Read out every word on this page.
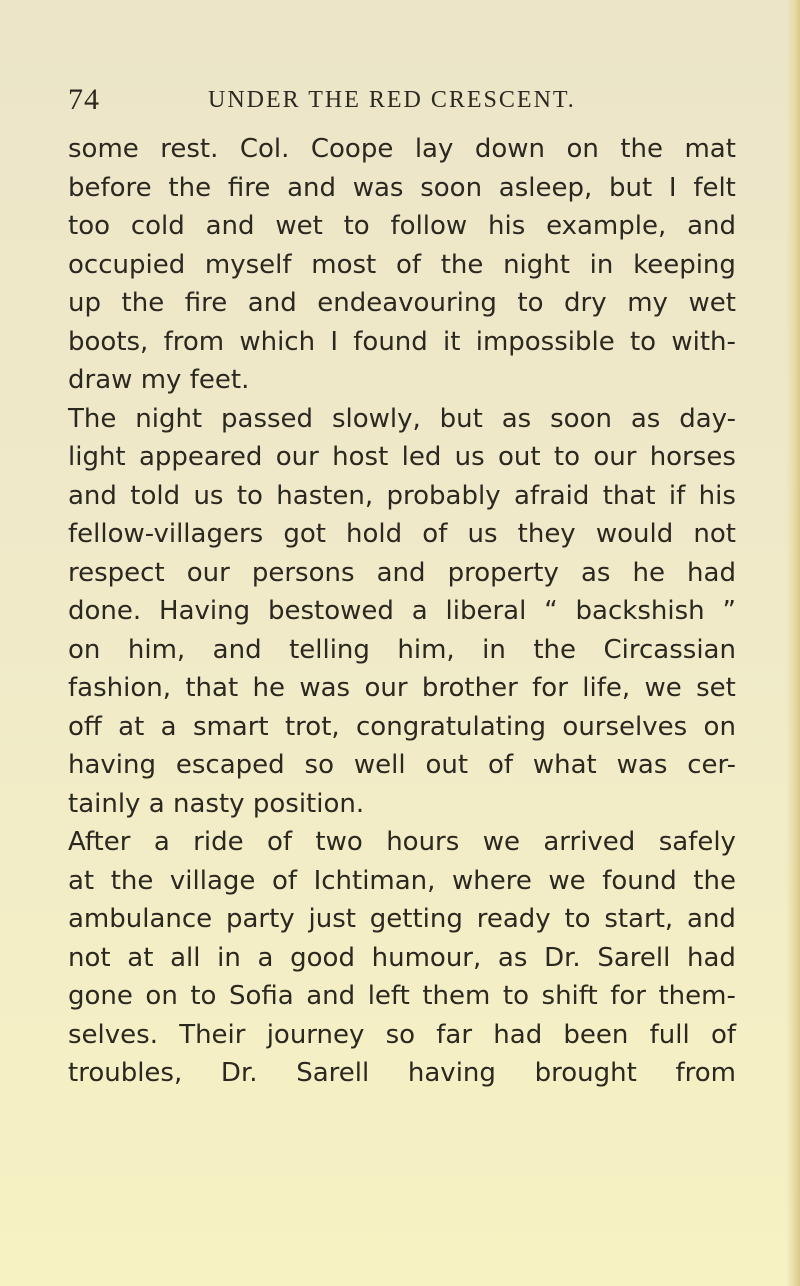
74	UNDER THE RED CRESCENT.
some rest. Col. Coope lay down on the mat
before the fire and was soon asleep, but I felt
too cold and wet to follow his example, and
occupied myself most of the night in keeping
up the fire and endeavouring to dry my wet
boots, from which I found it impossible to with-
draw my feet.
The night passed slowly, but as soon as day-
light appeared our host led us out to our horses
and told us to hasten, probably afraid that if his
fellow-villagers got hold of us they would not
respect our persons and property as he had
done. Having bestowed a liberal “ backshish ”
on him, and telling him, in the Circassian
fashion, that he was our brother for life, we set
off at a smart trot, congratulating ourselves on
having escaped so well out of what was cer-
tainly a nasty position.
After a ride of two hours we arrived safely
at the village of Ichtiman, where we found the
ambulance party just getting ready to start, and
not at all in a good humour, as Dr. Sarell had
gone on to Sofia and left them to shift for them-
selves. Their journey so far had been full of
troubles, Dr. Sarell having brought from
